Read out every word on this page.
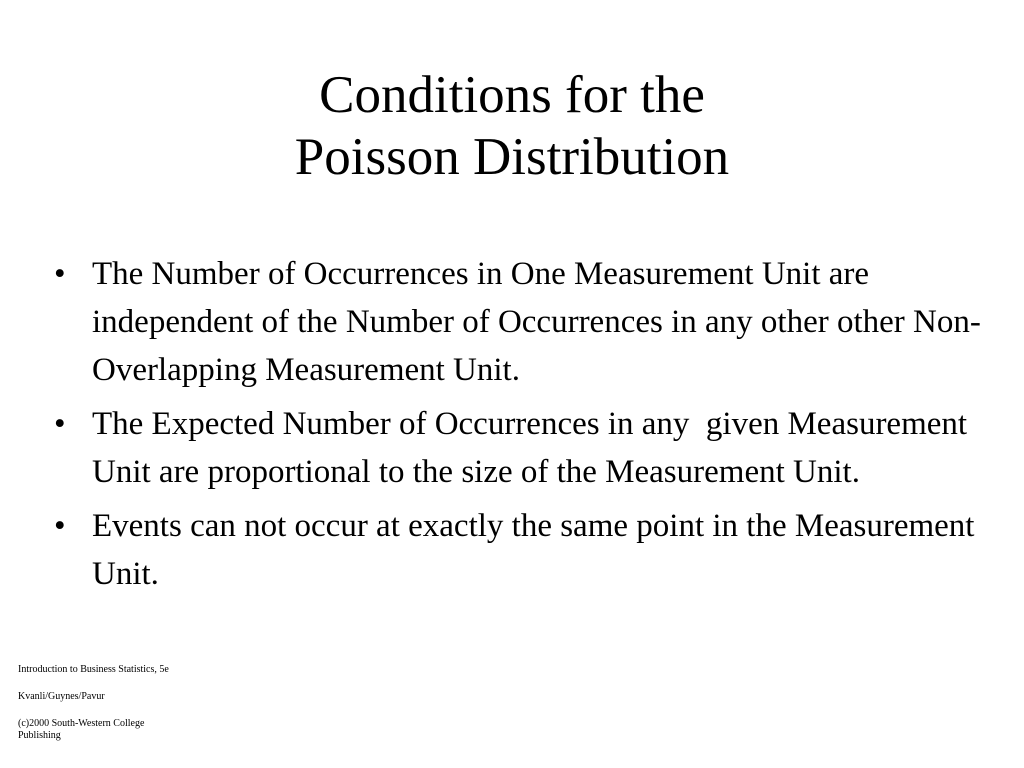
Conditions for the
Poisson Distribution
• The Number of Occurrences in One Measurement Unit are independent of the Number of Occurrences in any other other Non-Overlapping Measurement Unit.
• The Expected Number of Occurrences in any  given Measurement Unit are proportional to the size of the Measurement Unit.
• Events can not occur at exactly the same point in the Measurement Unit.

Introduction to Business Statistics, 5e

Kvanli/Guynes/Pavur

(c)2000 South-Western College
Publishing
